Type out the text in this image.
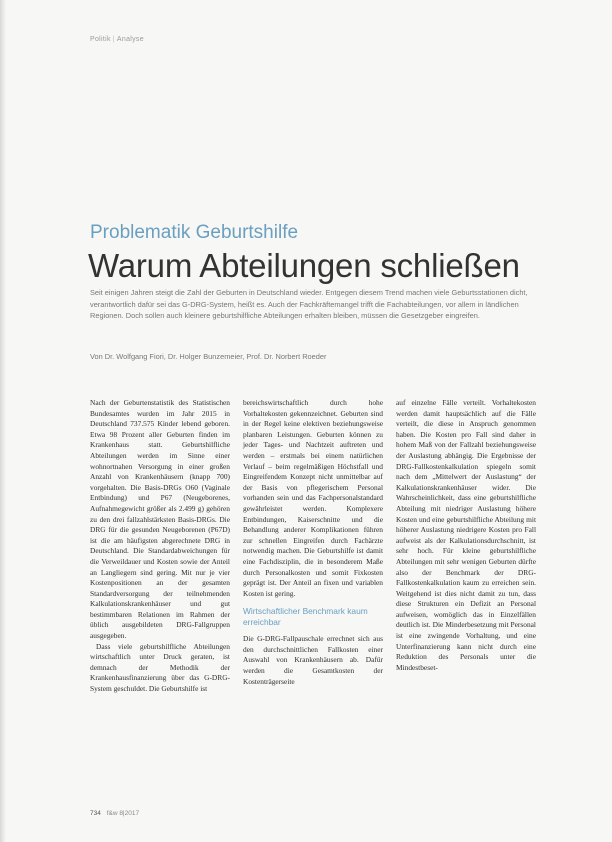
Politik | Analyse
Problematik Geburtshilfe
Warum Abteilungen schließen
Seit einigen Jahren steigt die Zahl der Geburten in Deutschland wieder. Entgegen diesem Trend machen viele Geburtsstationen dicht, verantwortlich dafür sei das G-DRG-System, heißt es. Auch der Fachkräftemangel trifft die Fachabteilungen, vor allem in ländlichen Regionen. Doch sollen auch kleinere geburtshilfliche Abteilungen erhalten bleiben, müssen die Gesetzgeber eingreifen.
Von Dr. Wolfgang Fiori, Dr. Holger Bunzemeier, Prof. Dr. Norbert Roeder

Nach der Geburtenstatistik des Statistischen Bundesamtes wurden im Jahr 2015 in Deutschland 737.575 Kinder lebend geboren. Etwa 98 Prozent aller Geburten finden im Krankenhaus statt. Geburtshilfliche Abteilungen werden im Sinne einer wohnortnahen Versorgung in einer großen Anzahl von Krankenhäusern (knapp 700) vorgehalten. Die Basis-DRGs O60 (Vaginale Entbindung) und P67 (Neugeborenes, Aufnahmegewicht größer als 2.499 g) gehören zu den drei fallzahlstärksten Basis-DRGs. Die DRG für die gesunden Neugeborenen (P67D) ist die am häufigsten abgerechnete DRG in Deutschland. Die Standardabweichungen für die Verweildauer und Kosten sowie der Anteil an Langliegern sind gering. Mit nur je vier Kostenpositionen an der gesamten Standardversorgung der teilnehmenden Kalkulationskrankenhäuser und gut bestimmbaren Relationen im Rahmen der üblich ausgebildeten DRG-Fallgruppen ausgegeben.

Dass viele geburtshilfliche Abteilungen wirtschaftlich unter Druck geraten, ist demnach der Methodik der Krankenhausfinanzierung über das G-DRG-System geschuldet. Die Geburtshilfe ist

bereichswirtschaftlich durch hohe Vorhaltekosten gekennzeichnet. Geburten sind in der Regel keine elektiven beziehungsweise planbaren Leistungen. Geburten können zu jeder Tages- und Nachtzeit auftreten und werden – erstmals bei einem natürlichen Verlauf – beim regelmäßigen Höchstfall und Eingreifendem Konzept nicht unmittelbar auf der Basis von pflegerischem Personal vorhanden sein und das Fachpersonalstandard gewährleistet werden. Komplexere Entbindungen, Kaiserschnitte und die Behandlung anderer Komplikationen führen zur schnellen Eingreifen durch Fachärzte notwendig machen. Die Geburtshilfe ist damit eine Fachdisziplin, die in besonderem Maße durch Personalkosten und somit Fixkosten geprägt ist. Der Anteil an fixen und variablen Kosten ist gering.

Wirtschaftlicher Benchmark kaum erreichbar

Die G-DRG-Fallpauschale errechnet sich aus den durchschnittlichen Fallkosten einer Auswahl von Krankenhäusern ab. Dafür werden die Gesamtkosten der Kostenträgerseite

auf einzelne Fälle verteilt. Vorhaltekosten werden damit hauptsächlich auf die Fälle verteilt, die diese in Anspruch genommen haben. Die Kosten pro Fall sind daher in hohem Maß von der Fallzahl beziehungsweise der Auslastung abhängig. Die Ergebnisse der DRG-Fallkostenkalkulation spiegeln somit nach dem „Mittelwert der Auslastung“ der Kalkulationskrankenhäuser wider. Die Wahrscheinlichkeit, dass eine geburtshilfliche Abteilung mit niedriger Auslastung höhere Kosten und eine geburtshilfliche Abteilung mit höherer Auslastung niedrigere Kosten pro Fall aufweist als der Kalkulationsdurchschnitt, ist sehr hoch. Für kleine geburtshilfliche Abteilungen mit sehr wenigen Geburten dürfte also der Benchmark der DRG-Fallkostenkalkulation kaum zu erreichen sein. Weitgehend ist dies nicht damit zu tun, dass diese Strukturen ein Defizit an Personal aufweisen, womöglich das in Einzelfällen deutlich ist. Die Minderbesetzung mit Personal ist eine zwingende Vorhaltung, und eine Unterfinanzierung kann nicht durch eine Reduktion des Personals unter die Mindestbeset-

734 f&w 8|2017
